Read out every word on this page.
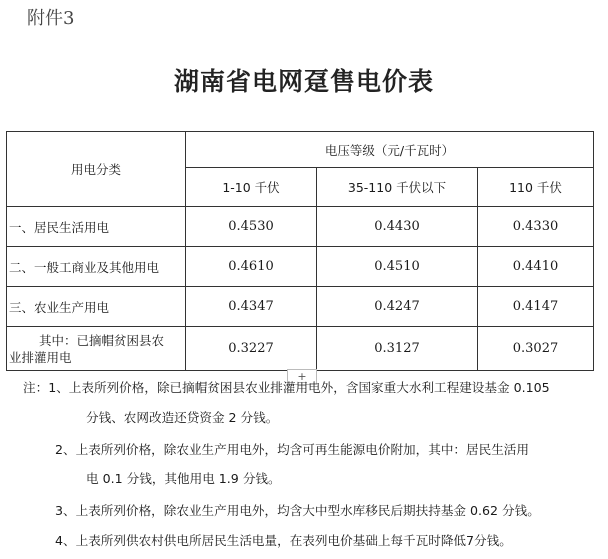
附件3
湖南省电网趸售电价表
用电分类	电压等级（元/千瓦时）		
	1-10 千伏	35-110 千伏以下	110 千伏
一、居民生活用电	0.4530	0.4430	0.4330
二、一般工商业及其他用电	0.4610	0.4510	0.4410
三、农业生产用电	0.4347	0.4247	0.4147

其中：已摘帽贫困县农
业排灌用电	0.3227	0.3127	0.3027
+
注：1、上表所列价格，除已摘帽贫困县农业排灌用电外，含国家重大水利工程建设基金 0.105
分钱、农网改造还贷资金 2 分钱。
2、上表所列价格，除农业生产用电外，均含可再生能源电价附加，其中：居民生活用
电 0.1 分钱，其他用电 1.9 分钱。
3、上表所列价格，除农业生产用电外，均含大中型水库移民后期扶持基金 0.62 分钱。
4、上表所列供农村供电所居民生活电量，在表列电价基础上每千瓦时降低7分钱。
